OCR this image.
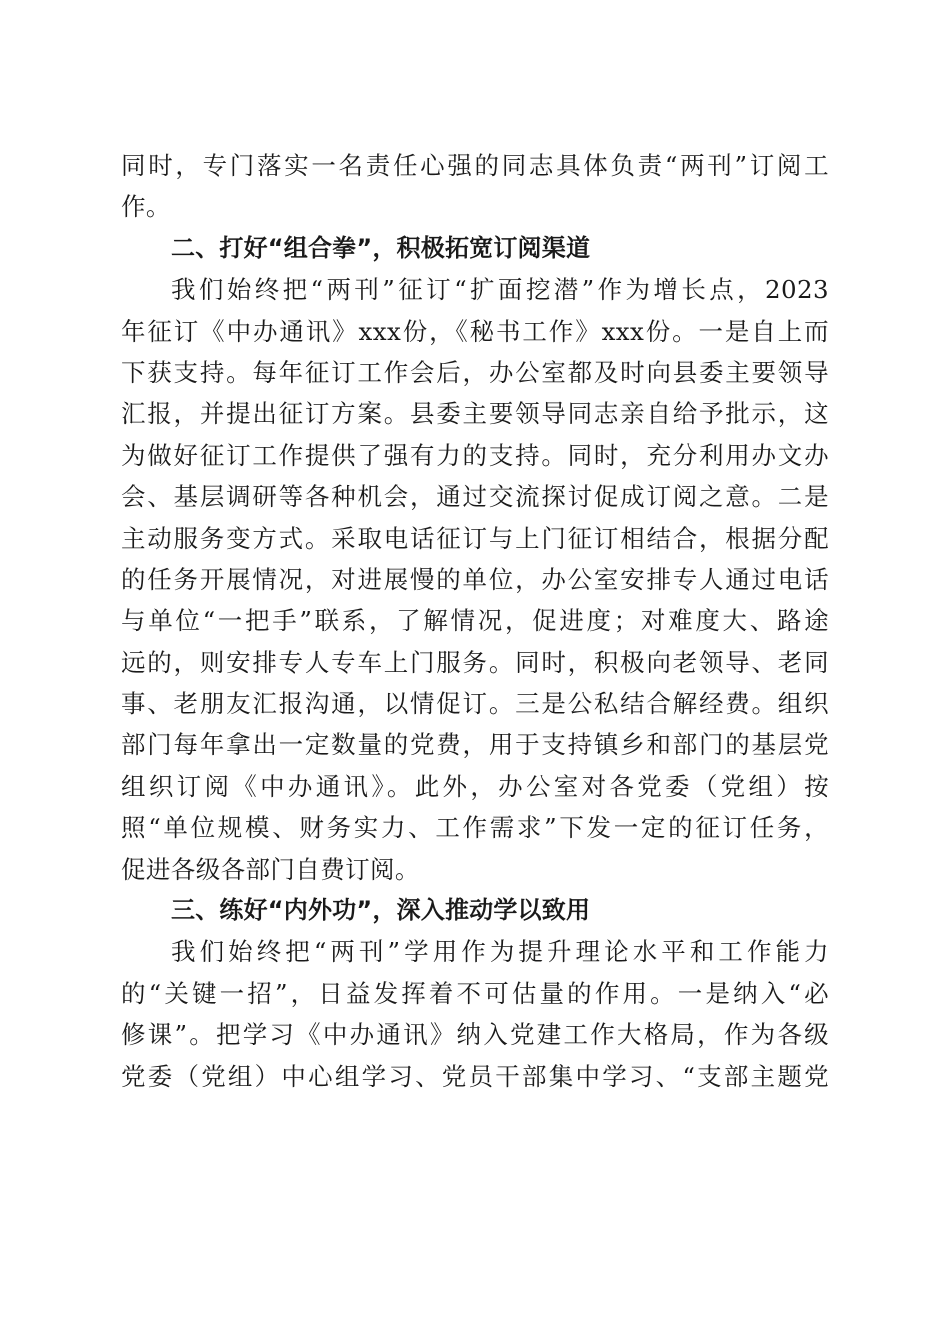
同时，专门落实一名责任心强的同志具体负责“两刊”订阅工
作。
二、打好“组合拳”，积极拓宽订阅渠道
我们始终把“两刊”征订“扩面挖潜”作为增长点，2023
年征订《中办通讯》xxx份，《秘书工作》xxx份。一是自上而
下获支持。每年征订工作会后，办公室都及时向县委主要领导
汇报，并提出征订方案。县委主要领导同志亲自给予批示，这
为做好征订工作提供了强有力的支持。同时，充分利用办文办
会、基层调研等各种机会，通过交流探讨促成订阅之意。二是
主动服务变方式。采取电话征订与上门征订相结合，根据分配
的任务开展情况，对进展慢的单位，办公室安排专人通过电话
与单位“一把手”联系，了解情况，促进度；对难度大、路途
远的，则安排专人专车上门服务。同时，积极向老领导、老同
事、老朋友汇报沟通，以情促订。三是公私结合解经费。组织
部门每年拿出一定数量的党费，用于支持镇乡和部门的基层党
组织订阅《中办通讯》。此外，办公室对各党委（党组）按
照“单位规模、财务实力、工作需求”下发一定的征订任务，
促进各级各部门自费订阅。
三、练好“内外功”，深入推动学以致用
我们始终把“两刊”学用作为提升理论水平和工作能力
的“关键一招”，日益发挥着不可估量的作用。一是纳入“必
修课”。把学习《中办通讯》纳入党建工作大格局，作为各级
党委（党组）中心组学习、党员干部集中学习、“支部主题党
